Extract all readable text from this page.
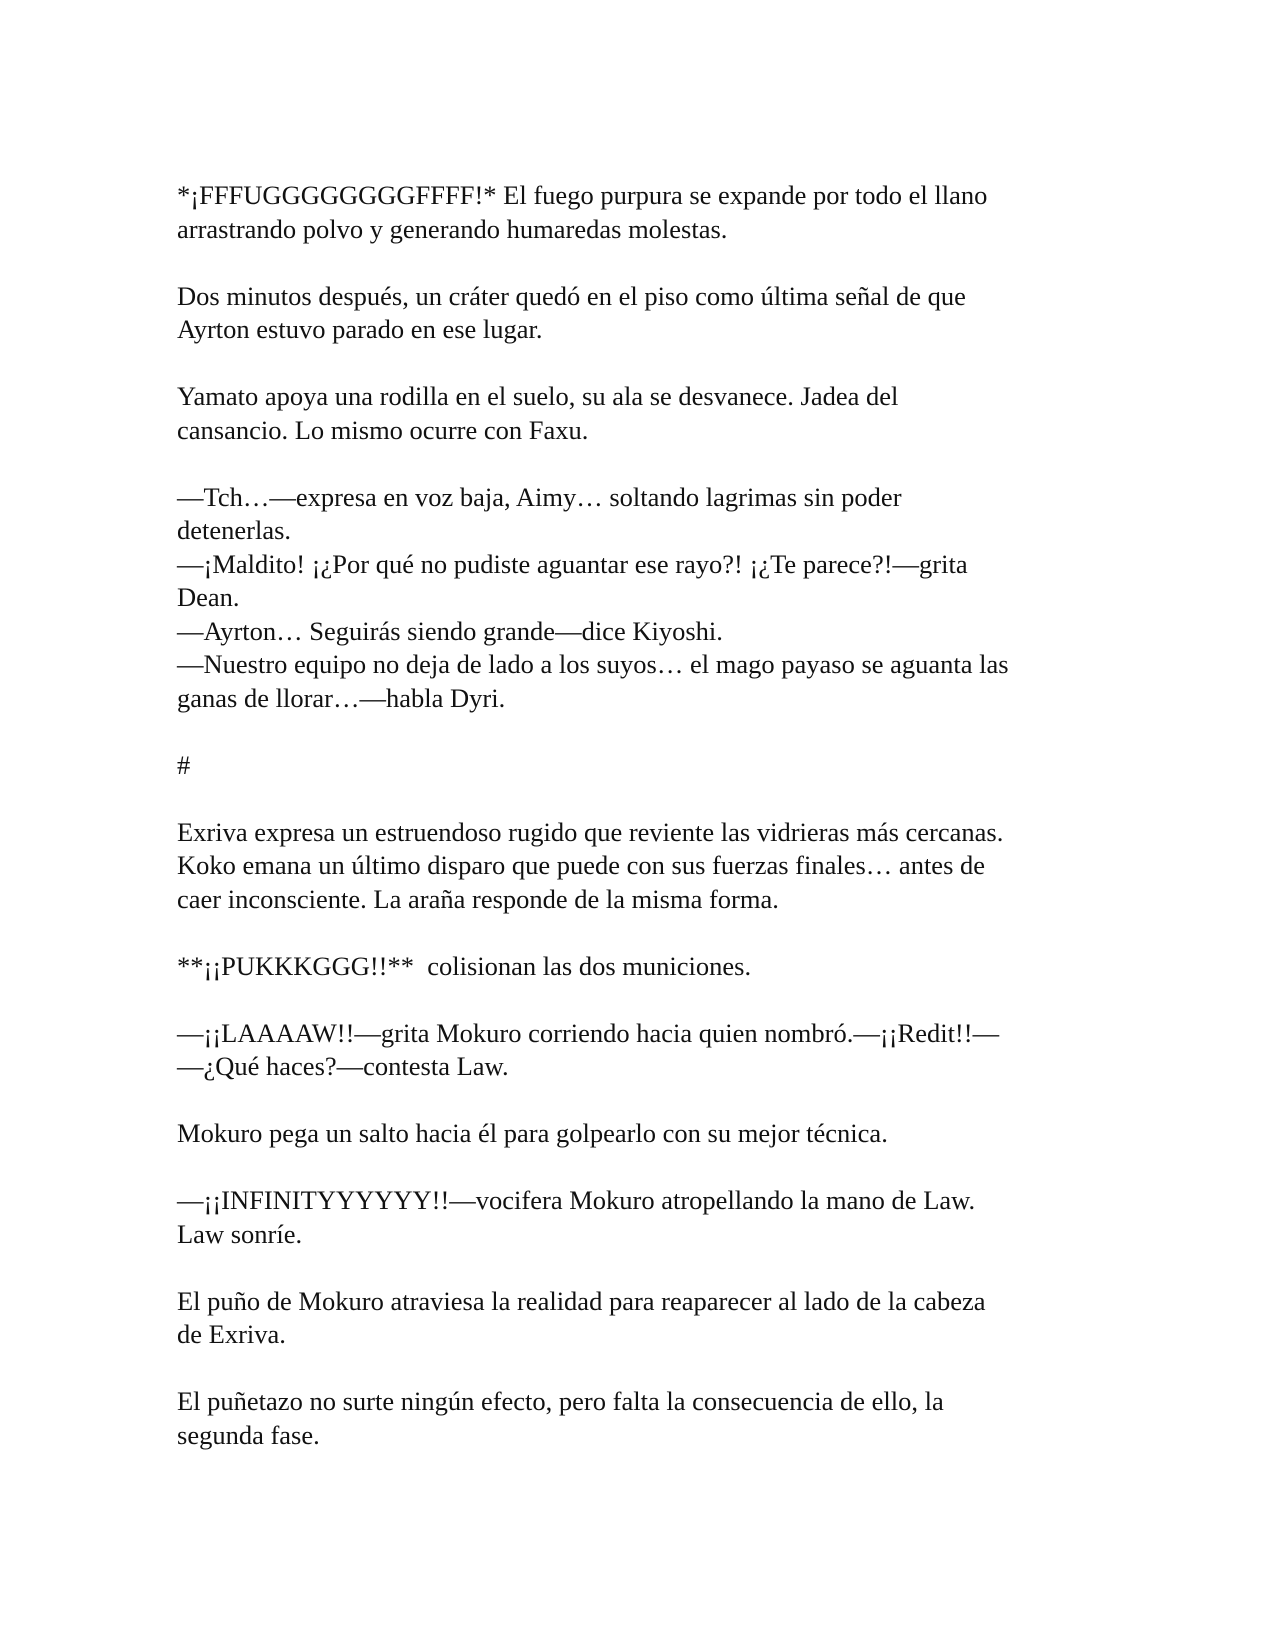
*¡FFFUGGGGGGGGFFFF!* El fuego purpura se expande por todo el llano
arrastrando polvo y generando humaredas molestas.

Dos minutos después, un cráter quedó en el piso como última señal de que
Ayrton estuvo parado en ese lugar.

Yamato apoya una rodilla en el suelo, su ala se desvanece. Jadea del
cansancio. Lo mismo ocurre con Faxu.

—Tch…—expresa en voz baja, Aimy… soltando lagrimas sin poder
detenerlas.
—¡Maldito! ¡¿Por qué no pudiste aguantar ese rayo?! ¡¿Te parece?!—grita
Dean.
—Ayrton… Seguirás siendo grande—dice Kiyoshi.
—Nuestro equipo no deja de lado a los suyos… el mago payaso se aguanta las
ganas de llorar…—habla Dyri.

#

Exriva expresa un estruendoso rugido que reviente las vidrieras más cercanas.
Koko emana un último disparo que puede con sus fuerzas finales… antes de
caer inconsciente. La araña responde de la misma forma.

**¡¡PUKKKGGG!!**  colisionan las dos municiones.

—¡¡LAAAAW!!—grita Mokuro corriendo hacia quien nombró.—¡¡Redit!!—
—¿Qué haces?—contesta Law.

Mokuro pega un salto hacia él para golpearlo con su mejor técnica.

—¡¡INFINITYYYYYY!!—vocifera Mokuro atropellando la mano de Law.
Law sonríe.

El puño de Mokuro atraviesa la realidad para reaparecer al lado de la cabeza
de Exriva.

El puñetazo no surte ningún efecto, pero falta la consecuencia de ello, la
segunda fase.
